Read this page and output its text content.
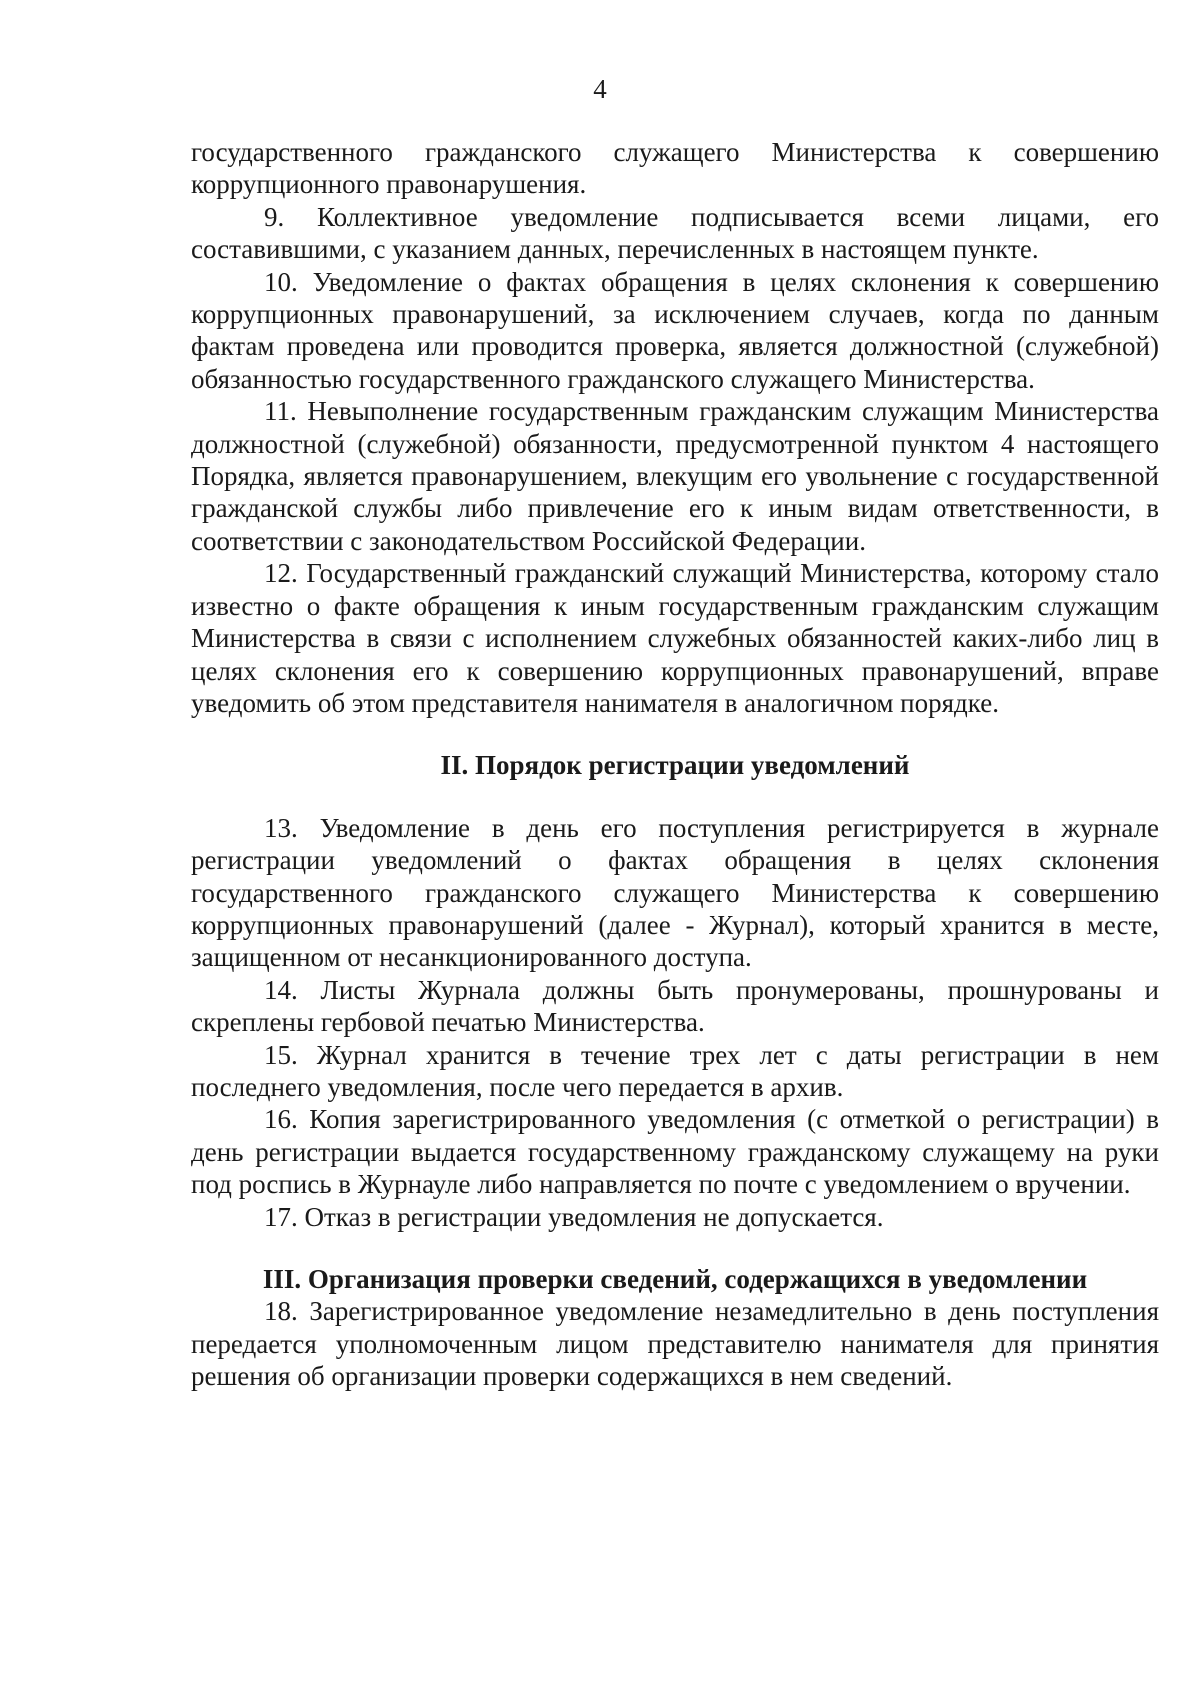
4

государственного гражданского служащего Министерства к совершению коррупционного правонарушения.

9. Коллективное уведомление подписывается всеми лицами, его составившими, с указанием данных, перечисленных в настоящем пункте.

10. Уведомление о фактах обращения в целях склонения к совершению коррупционных правонарушений, за исключением случаев, когда по данным фактам проведена или проводится проверка, является должностной (служебной) обязанностью государственного гражданского служащего Министерства.

11. Невыполнение государственным гражданским служащим Министерства должностной (служебной) обязанности, предусмотренной пунктом 4 настоящего Порядка, является правонарушением, влекущим его увольнение с государственной гражданской службы либо привлечение его к иным видам ответственности, в соответствии с законодательством Российской Федерации.

12. Государственный гражданский служащий Министерства, которому стало известно о факте обращения к иным государственным гражданским служащим Министерства в связи с исполнением служебных обязанностей каких-либо лиц в целях склонения его к совершению коррупционных правонарушений, вправе уведомить об этом представителя нанимателя в аналогичном порядке.

II. Порядок регистрации уведомлений

13. Уведомление в день его поступления регистрируется в журнале регистрации уведомлений о фактах обращения в целях склонения государственного гражданского служащего Министерства к совершению коррупционных правонарушений (далее - Журнал), который хранится в месте, защищенном от несанкционированного доступа.

14. Листы Журнала должны быть пронумерованы, прошнурованы и скреплены гербовой печатью Министерства.

15. Журнал хранится в течение трех лет с даты регистрации в нем последнего уведомления, после чего передается в архив.

16. Копия зарегистрированного уведомления (с отметкой о регистрации) в день регистрации выдается государственному гражданскому служащему на руки под роспись в Журнауле либо направляется по почте с уведомлением о вручении.

17. Отказ в регистрации уведомления не допускается.

III. Организация проверки сведений, содержащихся в уведомлении

18. Зарегистрированное уведомление незамедлительно в день поступления передается уполномоченным лицом представителю нанимателя для принятия решения об организации проверки содержащихся в нем сведений.
